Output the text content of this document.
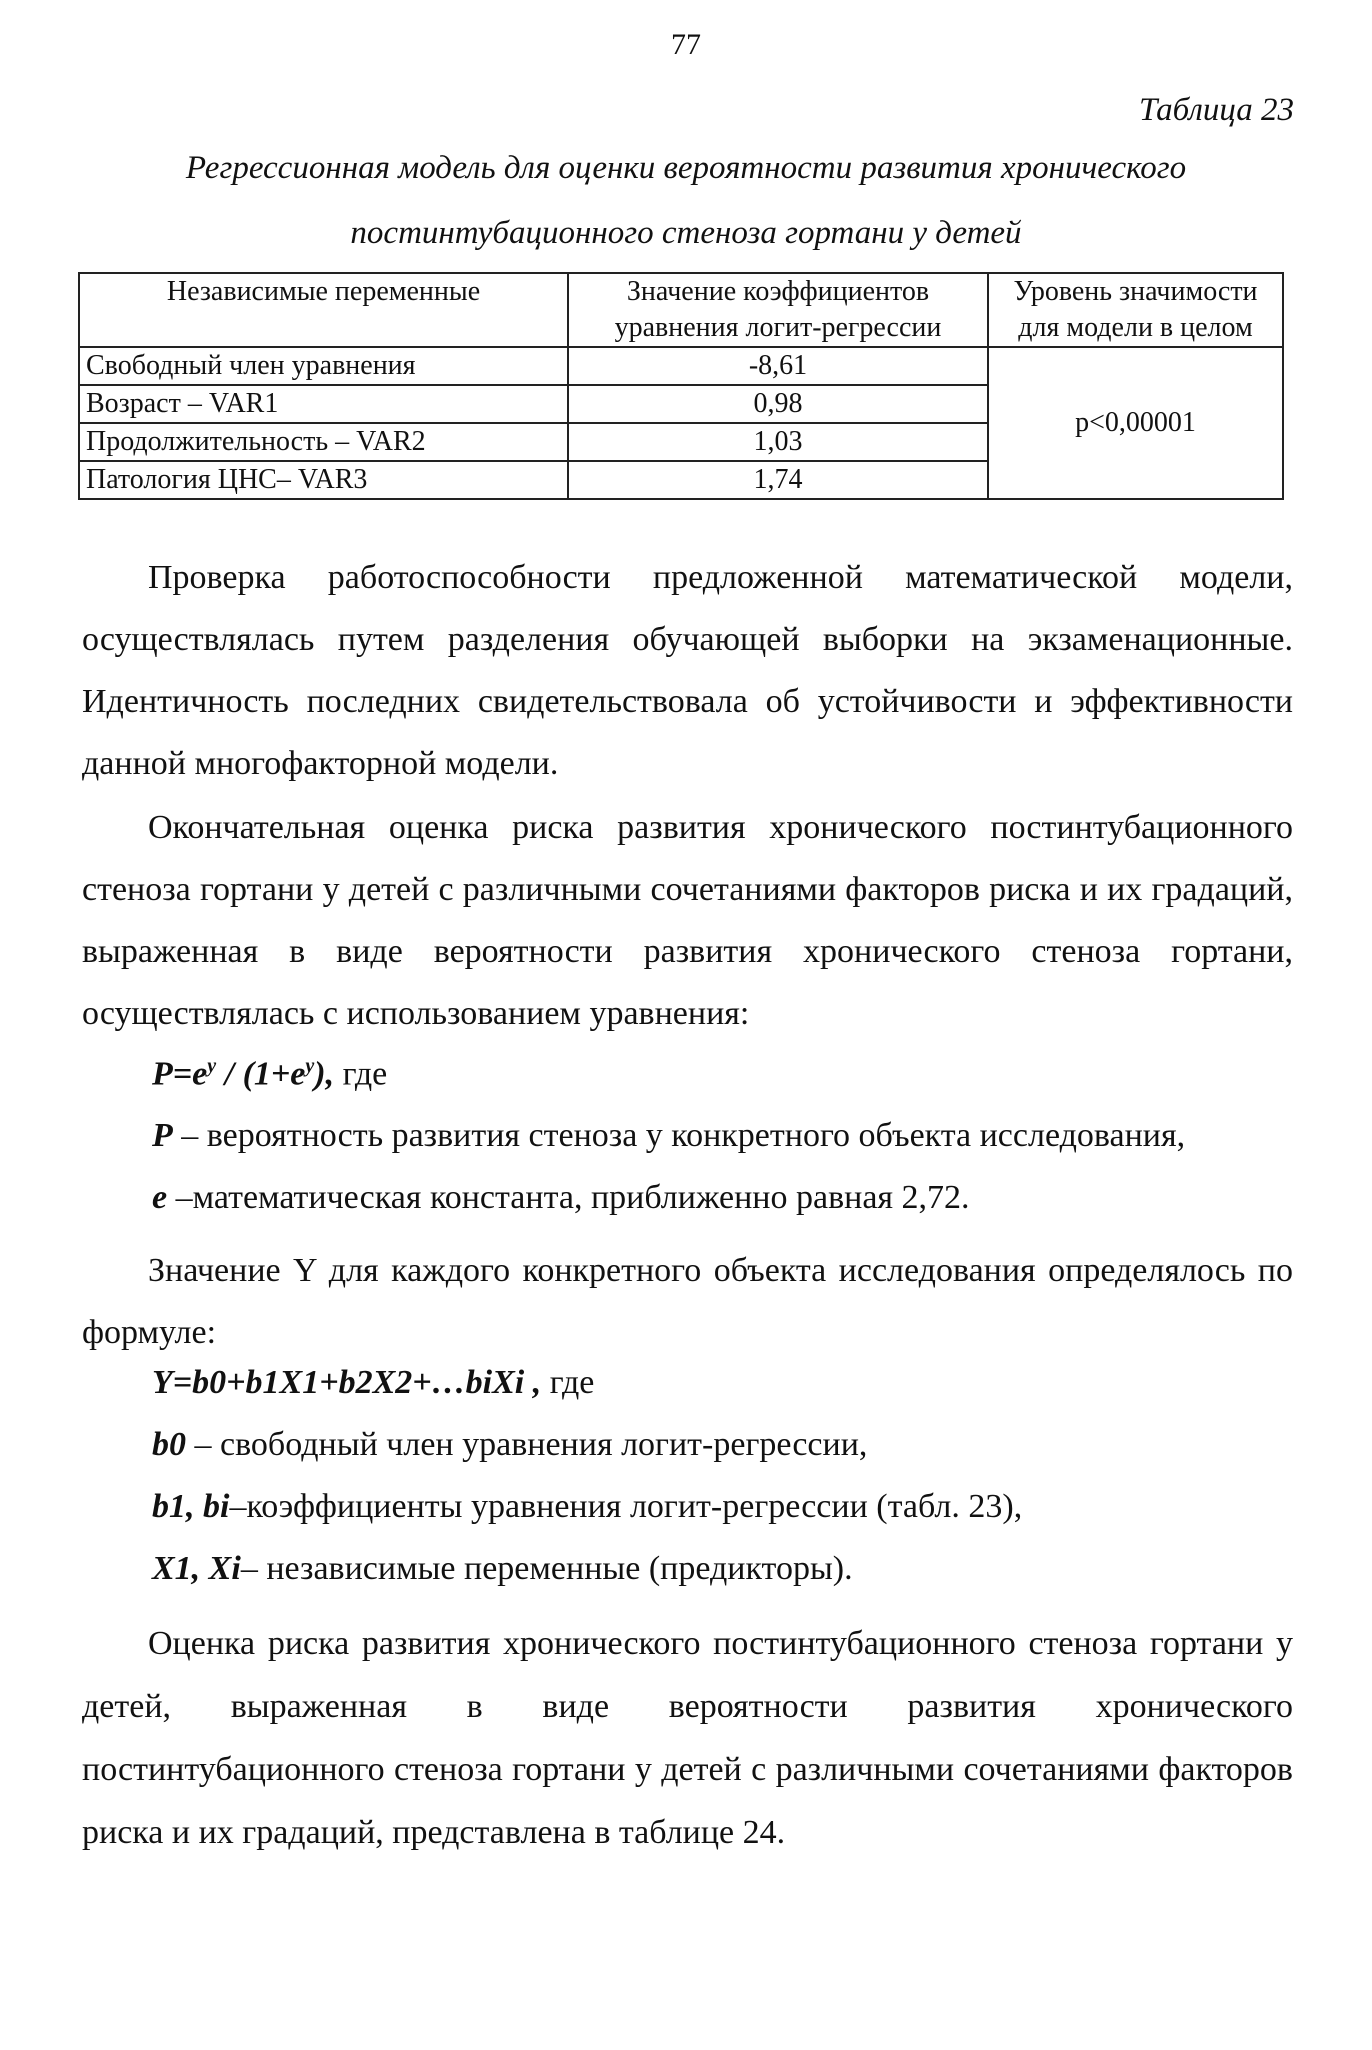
77
Таблица 23
Регрессионная модель для оценки вероятности развития хронического
постинтубационного стеноза гортани у детей
Независимые переменные	Значение коэффициентов уравнения логит-регрессии	Уровень значимости для модели в целом
Свободный член уравнения	-8,61	p<0,00001
Возраст – VAR1	0,98	
Продолжительность – VAR2	1,03	
Патология ЦНС– VAR3	1,74	

Проверка работоспособности предложенной математической модели, осуществлялась путем разделения обучающей выборки на экзаменационные. Идентичность последних свидетельствовала об устойчивости и эффективности данной многофакторной модели.

Окончательная оценка риска развития хронического постинтубационного стеноза гортани у детей с различными сочетаниями факторов риска и их градаций, выраженная в виде вероятности развития хронического стеноза гортани, осуществлялась с использованием уравнения:

$P=e^y / (1+e^y)$, где
P – вероятность развития стеноза у конкретного объекта исследования,
e –математическая константа, приближенно равная 2,72.

Значение Y для каждого конкретного объекта исследования определялось по формуле:

Y=b0+b1X1+b2X2+…biXi , где
b0 – свободный член уравнения логит-регрессии,
b1, bi–коэффициенты уравнения логит-регрессии (табл. 23),
X1, Xi– независимые переменные (предикторы).

Оценка риска развития хронического постинтубационного стеноза гортани у детей, выраженная в виде вероятности развития хронического постинтубационного стеноза гортани у детей с различными сочетаниями факторов риска и их градаций, представлена в таблице 24.
